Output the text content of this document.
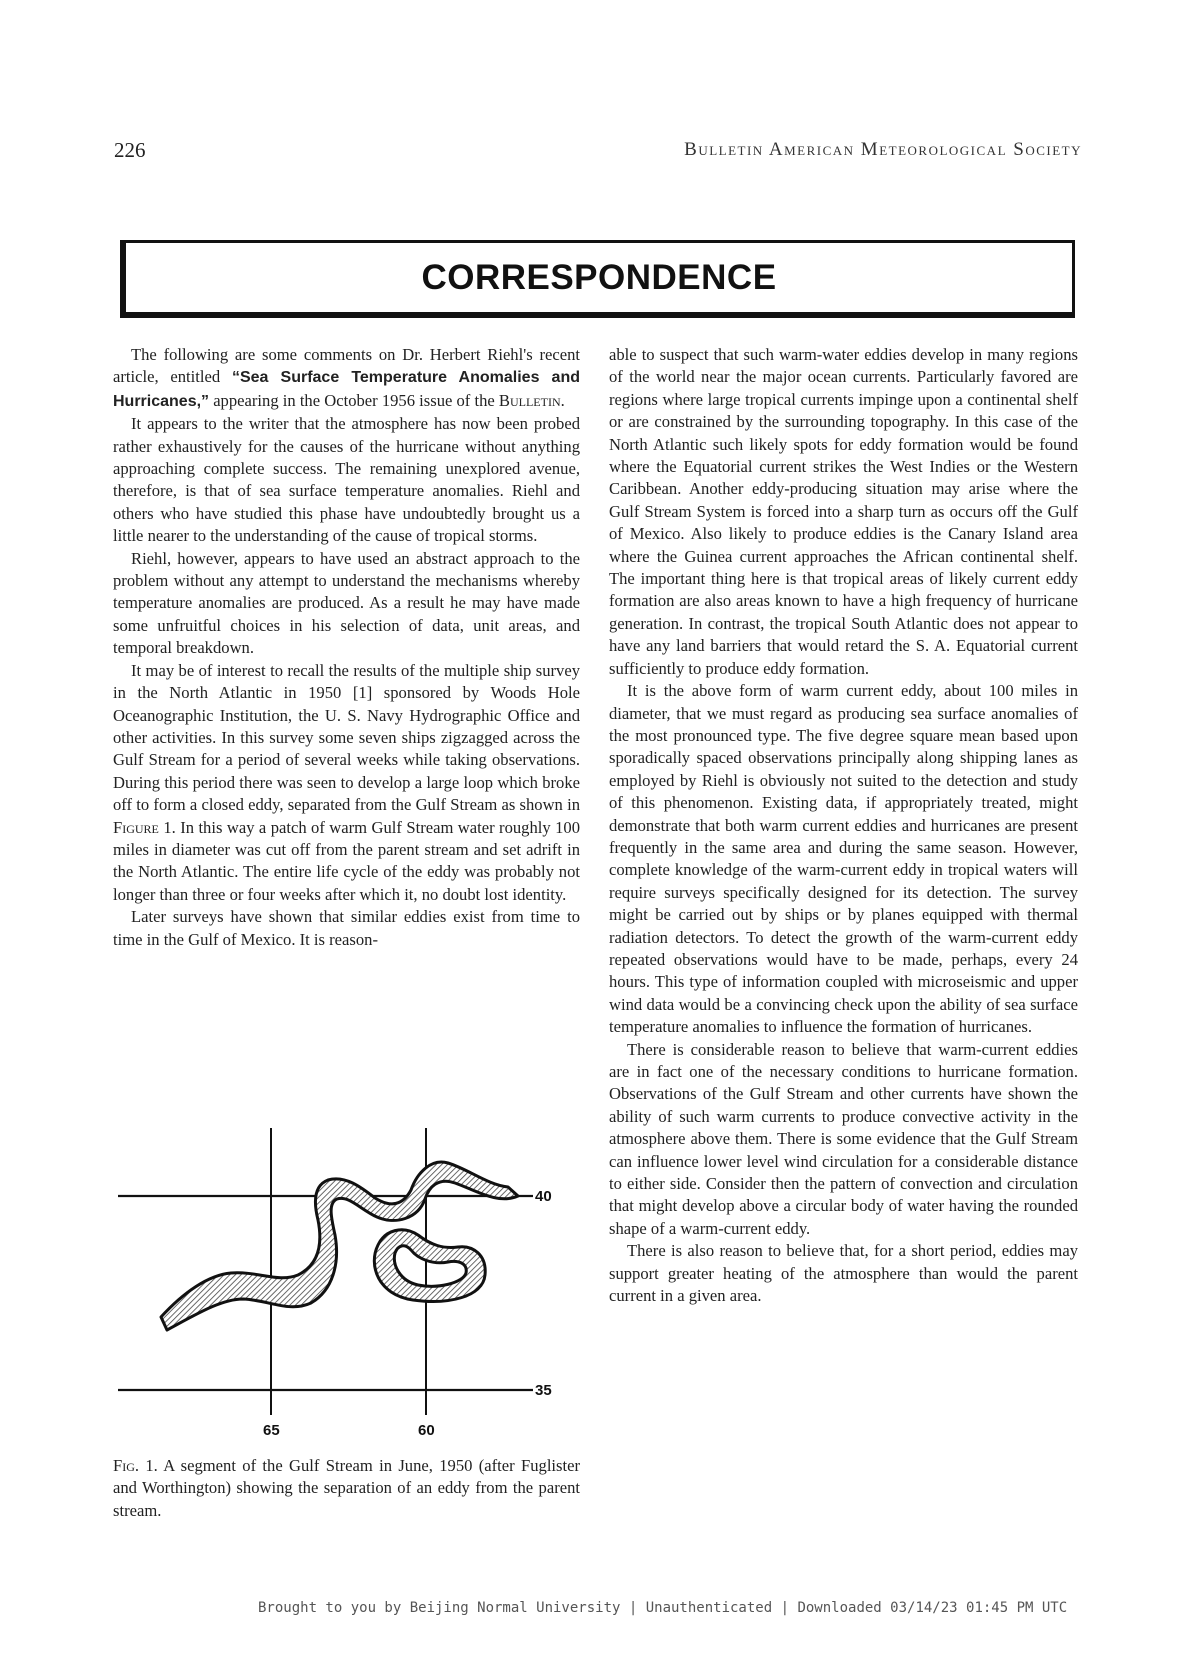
226	Bulletin American Meteorological Society
CORRESPONDENCE

The following are some comments on Dr. Herbert Riehl's recent article, entitled “Sea Surface Temperature Anomalies and Hurricanes,” appearing in the October 1956 issue of the Bulletin.

It appears to the writer that the atmosphere has now been probed rather exhaustively for the causes of the hurricane without anything approaching complete success. The remaining unexplored avenue, therefore, is that of sea surface temperature anomalies. Riehl and others who have studied this phase have undoubtedly brought us a little nearer to the understanding of the cause of tropical storms.

Riehl, however, appears to have used an abstract approach to the problem without any attempt to understand the mechanisms whereby temperature anomalies are produced. As a result he may have made some unfruitful choices in his selection of data, unit areas, and temporal breakdown.

It may be of interest to recall the results of the multiple ship survey in the North Atlantic in 1950 [1] sponsored by Woods Hole Oceanographic Institution, the U. S. Navy Hydrographic Office and other activities. In this survey some seven ships zigzagged across the Gulf Stream for a period of several weeks while taking observations. During this period there was seen to develop a large loop which broke off to form a closed eddy, separated from the Gulf Stream as shown in Figure 1. In this way a patch of warm Gulf Stream water roughly 100 miles in diameter was cut off from the parent stream and set adrift in the North Atlantic. The entire life cycle of the eddy was probably not longer than three or four weeks after which it, no doubt lost identity.

Later surveys have shown that similar eddies exist from time to time in the Gulf of Mexico. It is reason-

able to suspect that such warm-water eddies develop in many regions of the world near the major ocean currents. Particularly favored are regions where large tropical currents impinge upon a continental shelf or are constrained by the surrounding topography. In this case of the North Atlantic such likely spots for eddy formation would be found where the Equatorial current strikes the West Indies or the Western Caribbean. Another eddy-producing situation may arise where the Gulf Stream System is forced into a sharp turn as occurs off the Gulf of Mexico. Also likely to produce eddies is the Canary Island area where the Guinea current approaches the African continental shelf. The important thing here is that tropical areas of likely current eddy formation are also areas known to have a high frequency of hurricane generation. In contrast, the tropical South Atlantic does not appear to have any land barriers that would retard the S. A. Equatorial current sufficiently to produce eddy formation.

It is the above form of warm current eddy, about 100 miles in diameter, that we must regard as producing sea surface anomalies of the most pronounced type. The five degree square mean based upon sporadically spaced observations principally along shipping lanes as employed by Riehl is obviously not suited to the detection and study of this phenomenon. Existing data, if appropriately treated, might demonstrate that both warm current eddies and hurricanes are present frequently in the same area and during the same season. However, complete knowledge of the warm-current eddy in tropical waters will require surveys specifically designed for its detection. The survey might be carried out by ships or by planes equipped with thermal radiation detectors. To detect the growth of the warm-current eddy repeated observations would have to be made, perhaps, every 24 hours. This type of information coupled with microseismic and upper wind data would be a convincing check upon the ability of sea surface temperature anomalies to influence the formation of hurricanes.

There is considerable reason to believe that warm-current eddies are in fact one of the necessary conditions to hurricane formation. Observations of the Gulf Stream and other currents have shown the ability of such warm currents to produce convective activity in the atmosphere above them. There is some evidence that the Gulf Stream can influence lower level wind circulation for a considerable distance to either side. Consider then the pattern of convection and circulation that might develop above a circular body of water having the rounded shape of a warm-current eddy.

There is also reason to believe that, for a short period, eddies may support greater heating of the atmosphere than would the parent current in a given area.

40
35
65	60
Fig. 1. A segment of the Gulf Stream in June, 1950 (after Fuglister and Worthington) showing the separation of an eddy from the parent stream.
Brought to you by Beijing Normal University | Unauthenticated | Downloaded 03/14/23 01:45 PM UTC
